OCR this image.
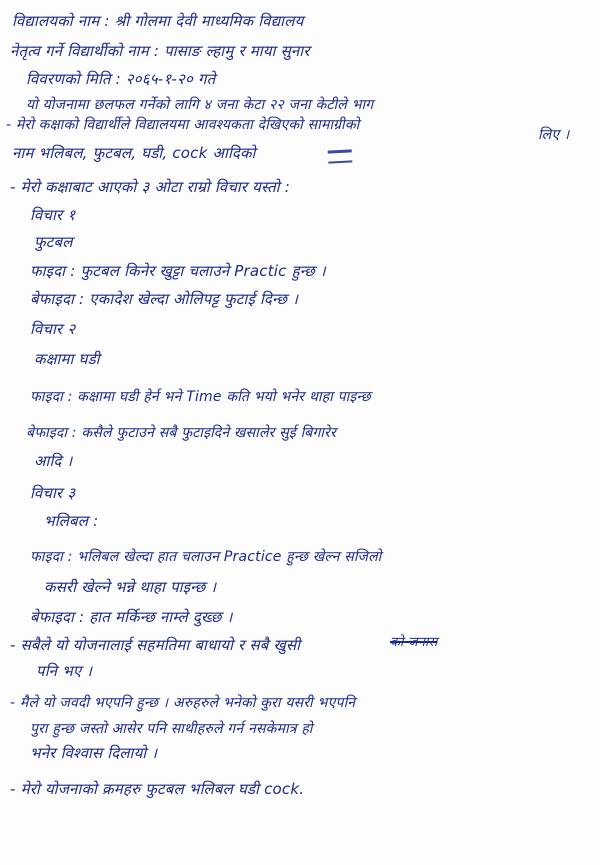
विद्यालयको नाम : श्री गोलमा देवी माध्यमिक विद्यालय
नेतृत्व गर्ने विद्यार्थीको नाम : पासाङ ल्हामु र माया सुनार
विवरणको मिति : २०६५-१-२० गते
यो योजनामा छलफल गर्नेको लागि ४ जना केटा २२ जना केटीले भाग
लिए ।
- मेरो कक्षाको विद्यार्थीले विद्यालयमा आवश्यकता देखिएको सामाग्रीको
नाम भलिबल, फुटबल, घडी, cock आदिको
- मेरो कक्षाबाट आएको ३ ओटा राम्रो विचार यस्तो :
विचार १
फुटबल
फाइदा : फुटबल किनेर खुट्टा चलाउने Practic हुन्छ ।
बेफाइदा : एकादेश खेल्दा ओलिपट्ट फुटाई दिन्छ ।
विचार २
कक्षामा घडी
फाइदा : कक्षामा घडी हेर्न भने Time कति भयो भनेर थाहा पाइन्छ
बेफाइदा : कसैले फुटाउने सबै फुटाइदिने खसालेर सुई बिगारेर
आदि ।
विचार ३
भलिबल :
फाइदा : भलिबल खेल्दा हात चलाउन Practice हुन्छ खेल्न सजिलो
कसरी खेल्ने भन्ने थाहा पाइन्छ ।
बेफाइदा : हात मर्किन्छ नाम्ले दुख्छ ।
- सबैले यो योजनालाई सहमतिमा बाधायो र सबै खुसी	को जनास
पनि भए ।
- मैले यो जवदी भएपनि हुन्छ । अरुहरुले भनेको कुरा यसरी भएपनि
पुरा हुन्छ जस्तो आसेर पनि साथीहरुले गर्न नसकेमात्र हो
भनेर विश्वास दिलायो ।
- मेरो योजनाको क्रमहरु फुटबल भलिबल घडी cock.
